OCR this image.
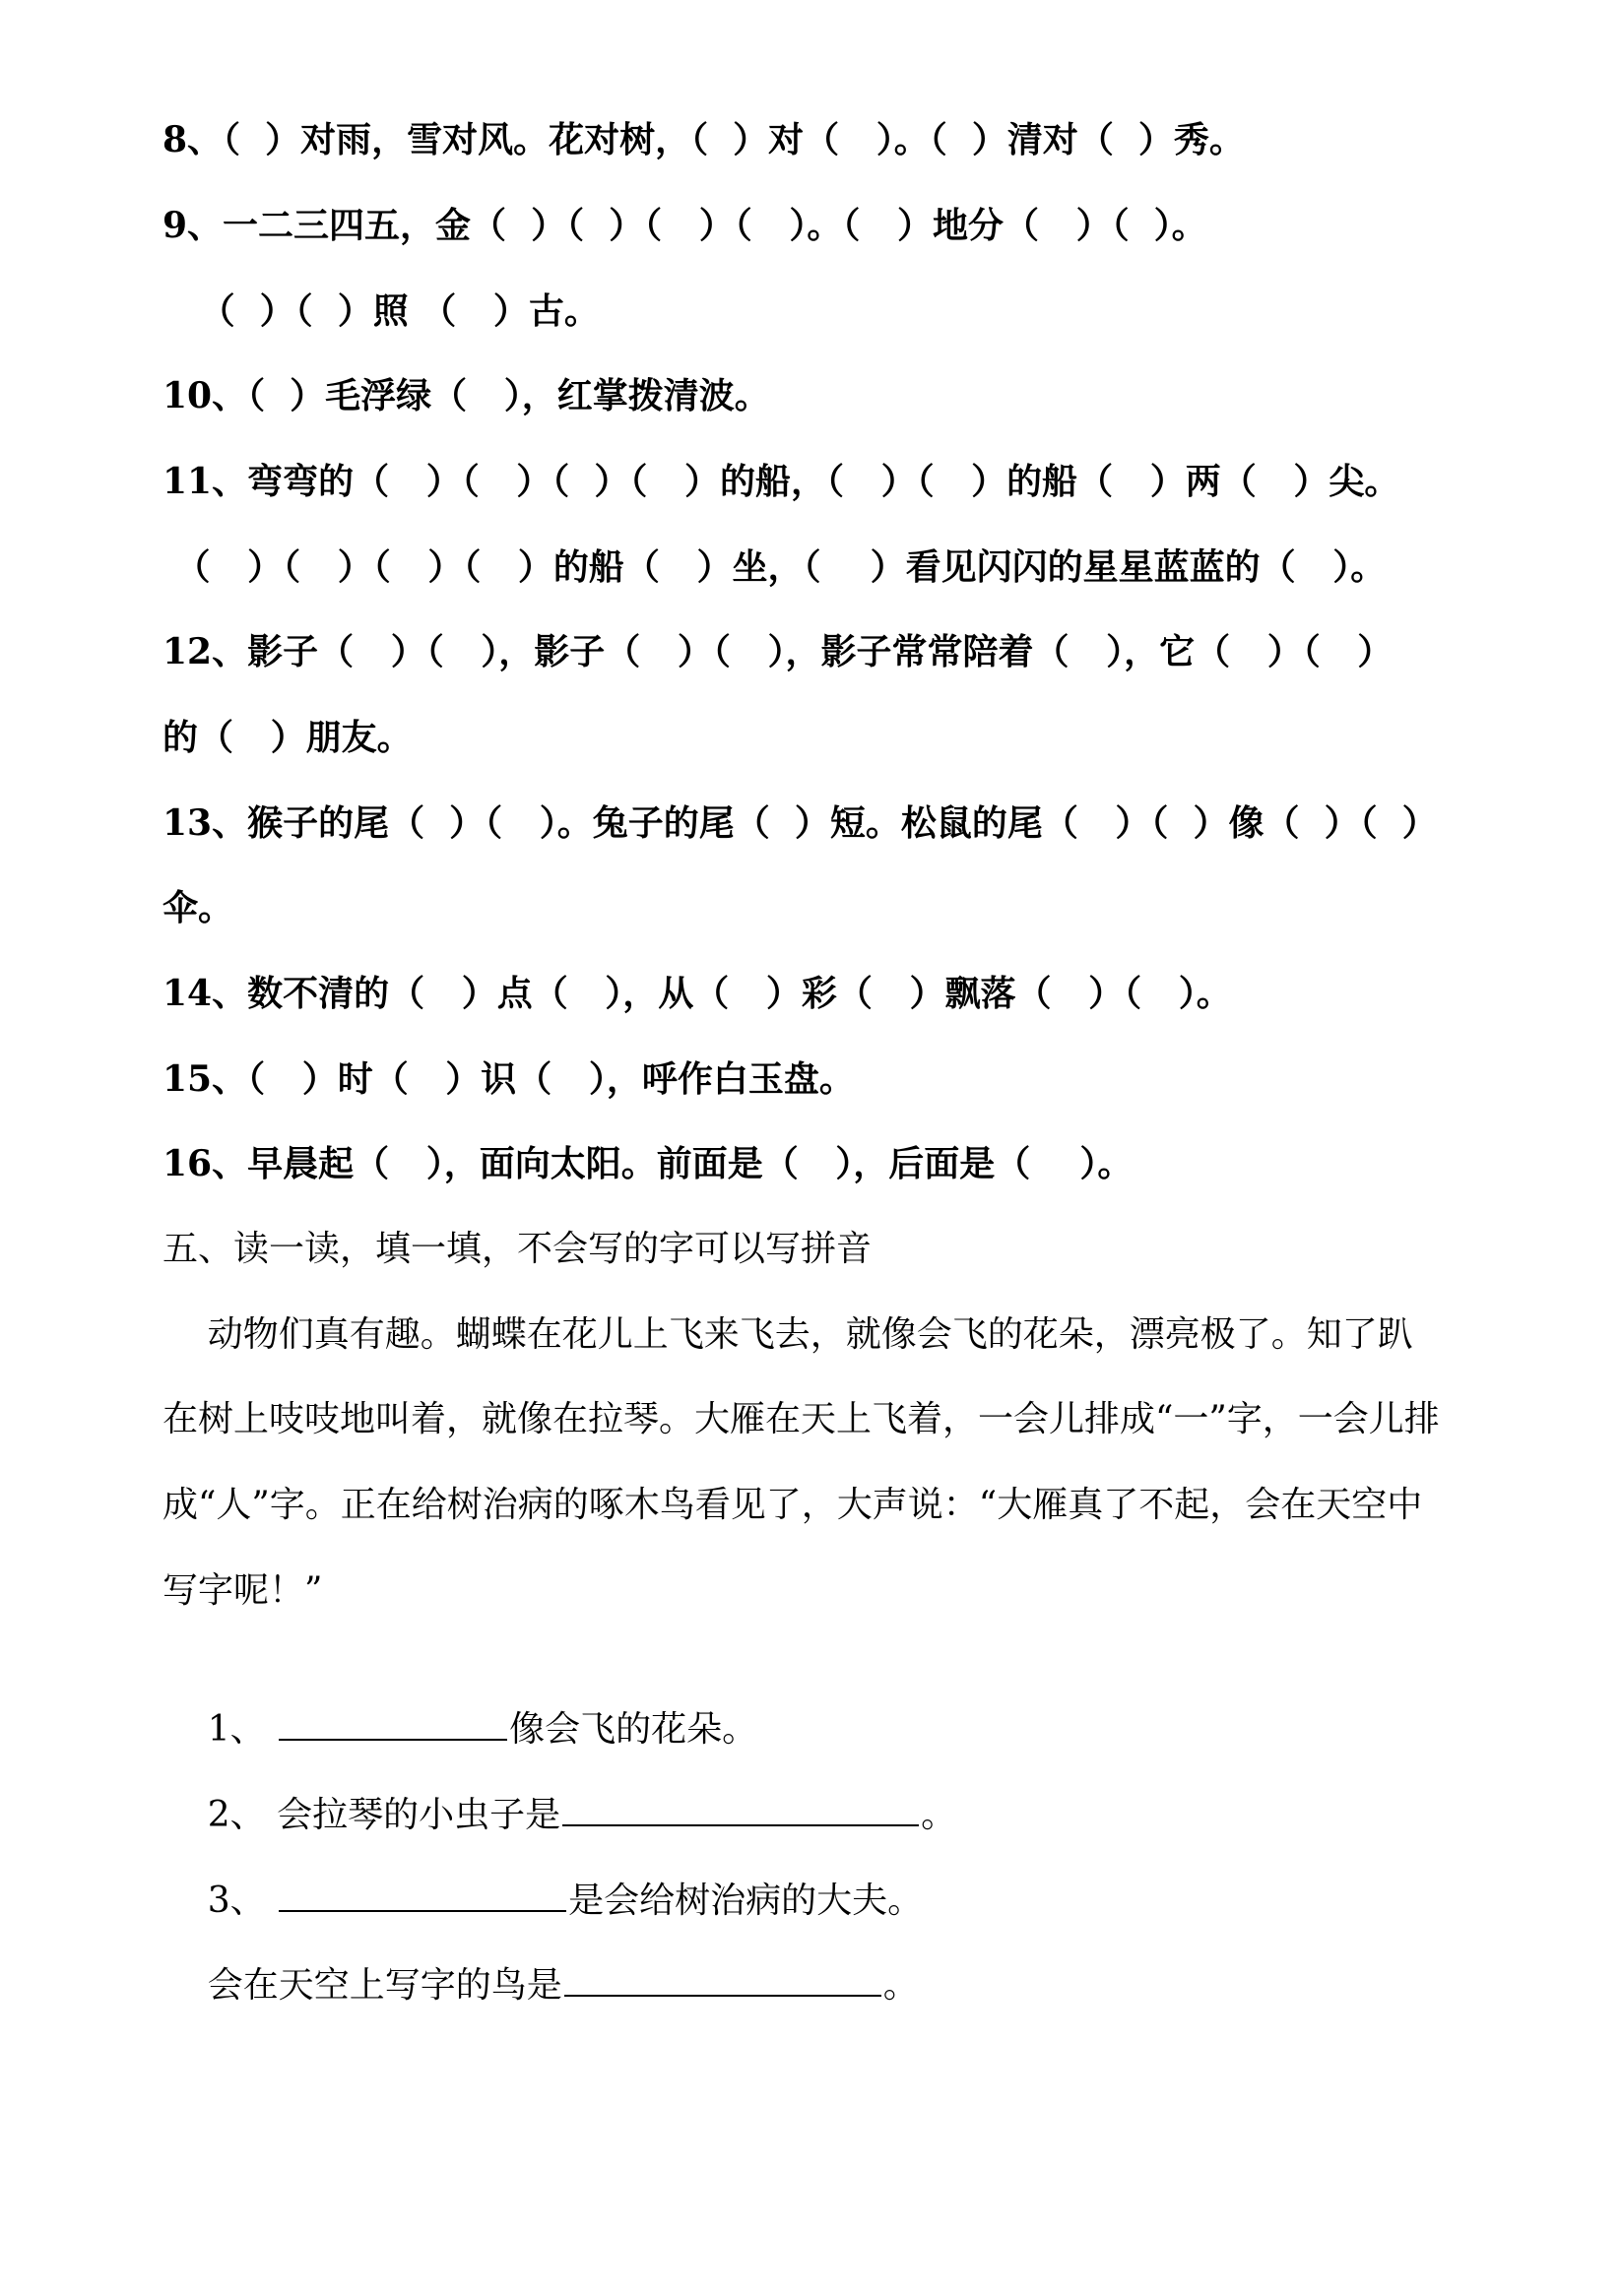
8、（  ）对雨，雪对风。花对树，（  ）对（   ）。（  ）清对（  ）秀。
9、一二三四五，金（  ）（  ）（   ）（   ）。（   ）地分（   ）（  ）。
（  ）（  ）照 （   ）古。
10、（  ）毛浮绿（   ），红掌拨清波。
11、弯弯的（   ）（   ）（  ）（   ）的船，（   ）（   ）的船（   ）两（   ）尖。
（   ）（   ）（   ）（   ）的船（   ）坐，（    ）看见闪闪的星星蓝蓝的（   ）。
12、影子（   ）（   ），影子（   ）（   ），影子常常陪着（   ），它（   ）（   ）
的（   ）朋友。
13、猴子的尾（  ）（   ）。兔子的尾（  ）短。松鼠的尾（   ）（  ）像（  ）（  ）
伞。
14、数不清的（   ）点（   ），从（   ）彩（   ）飘落（   ）（   ）。
15、（   ）时（   ）识（   ），呼作白玉盘。
16、早晨起（   ），面向太阳。前面是（   ），后面是（    ）。
五、读一读，填一填，不会写的字可以写拼音
动物们真有趣。蝴蝶在花儿上飞来飞去，就像会飞的花朵，漂亮极了。知了趴
在树上吱吱地叫着，就像在拉琴。大雁在天上飞着，一会儿排成“一”字，一会儿排
成“人”字。正在给树治病的啄木鸟看见了，大声说：“大雁真了不起，会在天空中
写字呢！”

1、	像会飞的花朵。

2、 会拉琴的小虫子是	。

3、	是会给树治病的大夫。

会在天空上写字的鸟是	。
